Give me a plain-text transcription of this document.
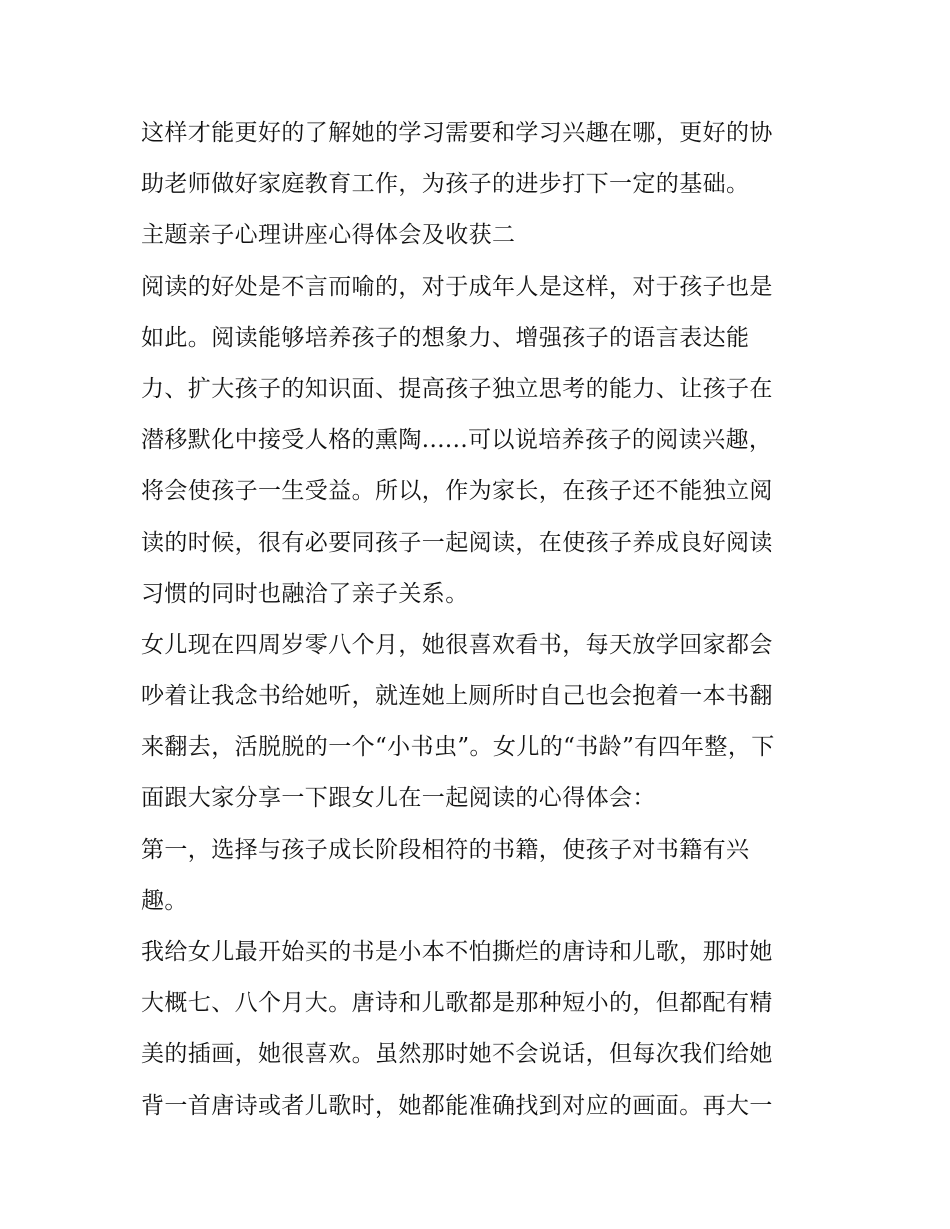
这样才能更好的了解她的学习需要和学习兴趣在哪，更好的协
助老师做好家庭教育工作，为孩子的进步打下一定的基础。
主题亲子心理讲座心得体会及收获二
阅读的好处是不言而喻的，对于成年人是这样，对于孩子也是
如此。阅读能够培养孩子的想象力、增强孩子的语言表达能
力、扩大孩子的知识面、提高孩子独立思考的能力、让孩子在
潜移默化中接受人格的熏陶......可以说培养孩子的阅读兴趣，
将会使孩子一生受益。所以，作为家长，在孩子还不能独立阅
读的时候，很有必要同孩子一起阅读，在使孩子养成良好阅读
习惯的同时也融洽了亲子关系。
女儿现在四周岁零八个月，她很喜欢看书，每天放学回家都会
吵着让我念书给她听，就连她上厕所时自己也会抱着一本书翻
来翻去，活脱脱的一个“小书虫”。女儿的“书龄”有四年整，下
面跟大家分享一下跟女儿在一起阅读的心得体会：
第一，选择与孩子成长阶段相符的书籍，使孩子对书籍有兴
趣。
我给女儿最开始买的书是小本不怕撕烂的唐诗和儿歌，那时她
大概七、八个月大。唐诗和儿歌都是那种短小的，但都配有精
美的插画，她很喜欢。虽然那时她不会说话，但每次我们给她
背一首唐诗或者儿歌时，她都能准确找到对应的画面。再大一
